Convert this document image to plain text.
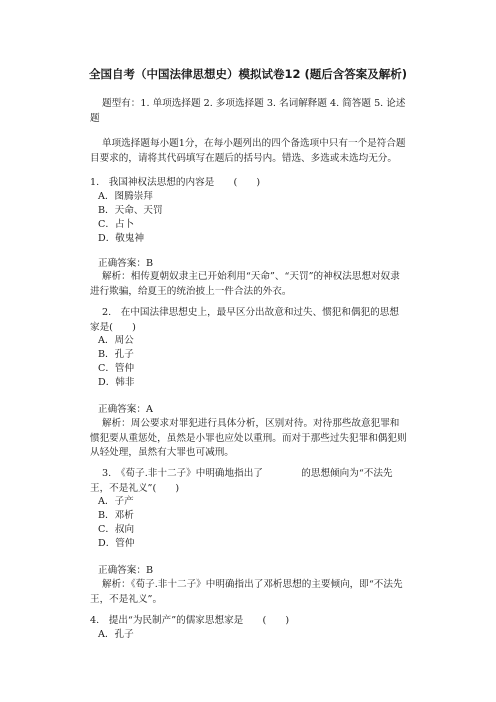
全国自考（中国法律思想史）模拟试卷12 (题后含答案及解析)
题型有：1. 单项选择题 2. 多项选择题 3. 名词解释题 4. 简答题 5. 论述题
单项选择题每小题1分，在每小题列出的四个备选项中只有一个是符合题目要求的，请将其代码填写在题后的括号内。错选、多选或未选均无分。
1.　我国神权法思想的内容是　　(　　)
A．图腾崇拜
B．天命、天罚
C．占卜
D．敬鬼神
正确答案：B
解析：相传夏朝奴隶主已开始利用“天命”、“天罚”的神权法思想对奴隶进行欺骗，给夏王的统治披上一件合法的外衣。
2.　在中国法律思想史上，最早区分出故意和过失、惯犯和偶犯的思想家是(　　)
A．周公
B．孔子
C．管仲
D．韩非
正确答案：A
解析：周公要求对罪犯进行具体分析，区别对待。对待那些故意犯罪和惯犯要从重惩处，虽然是小罪也应处以重刑。而对于那些过失犯罪和偶犯则从轻处理，虽然有大罪也可减刑。
3.　《荀子.非十二子》中明确地指出了　　　　的思想倾向为“不法先王，不是礼义”(　　)
A．子产
B．邓析
C．叔向
D．管仲
正确答案：B
解析：《荀子.非十二子》中明确指出了邓析思想的主要倾向，即“不法先王，不是礼义”。
4.　提出“为民制产”的儒家思想家是　　(　　)
A．孔子
